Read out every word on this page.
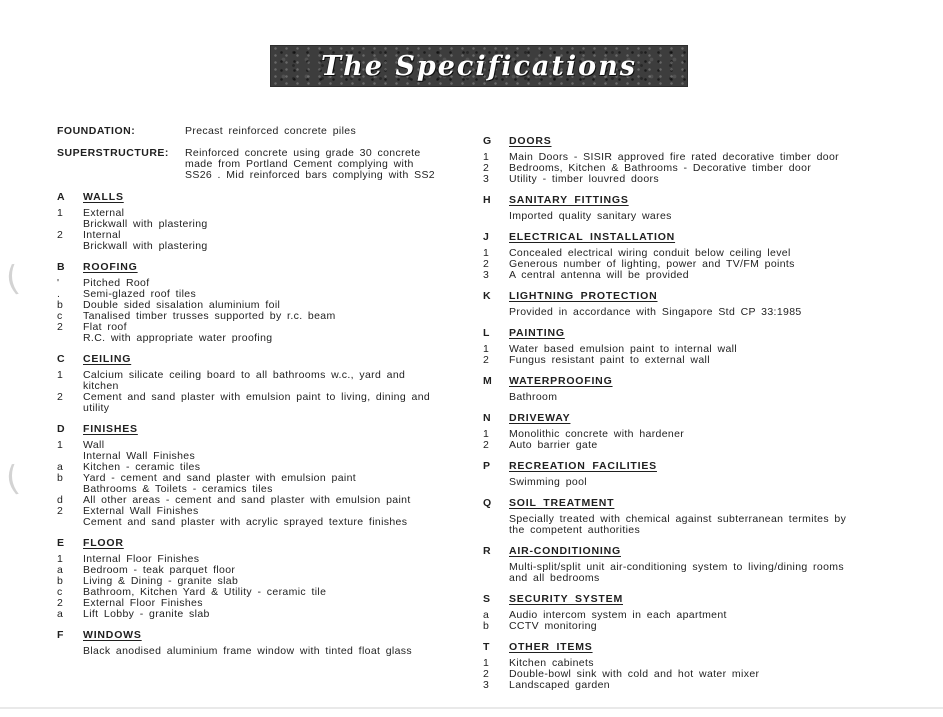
The Specifications
(
(
FOUNDATION:	Precast reinforced concrete piles
SUPERSTRUCTURE:	Reinforced concrete using grade 30 concrete
made from Portland Cement complying with
SS26 . Mid reinforced bars complying with SS2
A	WALLS
1	External
Brickwall with plastering
2	Internal
Brickwall with plastering
B	ROOFING
'	Pitched Roof
.	Semi-glazed roof tiles
b	Double sided sisalation aluminium foil
c	Tanalised timber trusses supported by r.c. beam
2	Flat roof
R.C. with appropriate water proofing
C	CEILING
1	Calcium silicate ceiling board to all bathrooms w.c., yard and
kitchen
2	Cement and sand plaster with emulsion paint to living, dining and
utility
D	FINISHES
1	Wall
Internal Wall Finishes
a	Kitchen - ceramic tiles
b	Yard - cement and sand plaster with emulsion paint
Bathrooms & Toilets - ceramics tiles
d	All other areas - cement and sand plaster with emulsion paint
2	External Wall Finishes
Cement and sand plaster with acrylic sprayed texture finishes
E	FLOOR
1	Internal Floor Finishes
a	Bedroom - teak parquet floor
b	Living & Dining - granite slab
c	Bathroom, Kitchen Yard & Utility - ceramic tile
2	External Floor Finishes
a	Lift Lobby - granite slab
F	WINDOWS
Black anodised aluminium frame window with tinted float glass
G	DOORS
1	Main Doors - SISIR approved fire rated decorative timber door
2	Bedrooms, Kitchen & Bathrooms - Decorative timber door
3	Utility - timber louvred doors
H	SANITARY FITTINGS
Imported quality sanitary wares
J	ELECTRICAL INSTALLATION
1	Concealed electrical wiring conduit below ceiling level
2	Generous number of lighting, power and TV/FM points
3	A central antenna will be provided
K	LIGHTNING PROTECTION
Provided in accordance with Singapore Std CP 33:1985
L	PAINTING
1	Water based emulsion paint to internal wall
2	Fungus resistant paint to external wall
M	WATERPROOFING
Bathroom
N	DRIVEWAY
1	Monolithic concrete with hardener
2	Auto barrier gate
P	RECREATION FACILITIES
Swimming pool
Q	SOIL TREATMENT
Specially treated with chemical against subterranean termites by
the competent authorities
R	AIR-CONDITIONING
Multi-split/split unit air-conditioning system to living/dining rooms
and all bedrooms
S	SECURITY SYSTEM
a	Audio intercom system in each apartment
b	CCTV monitoring
T	OTHER ITEMS
1	Kitchen cabinets
2	Double-bowl sink with cold and hot water mixer
3	Landscaped garden
